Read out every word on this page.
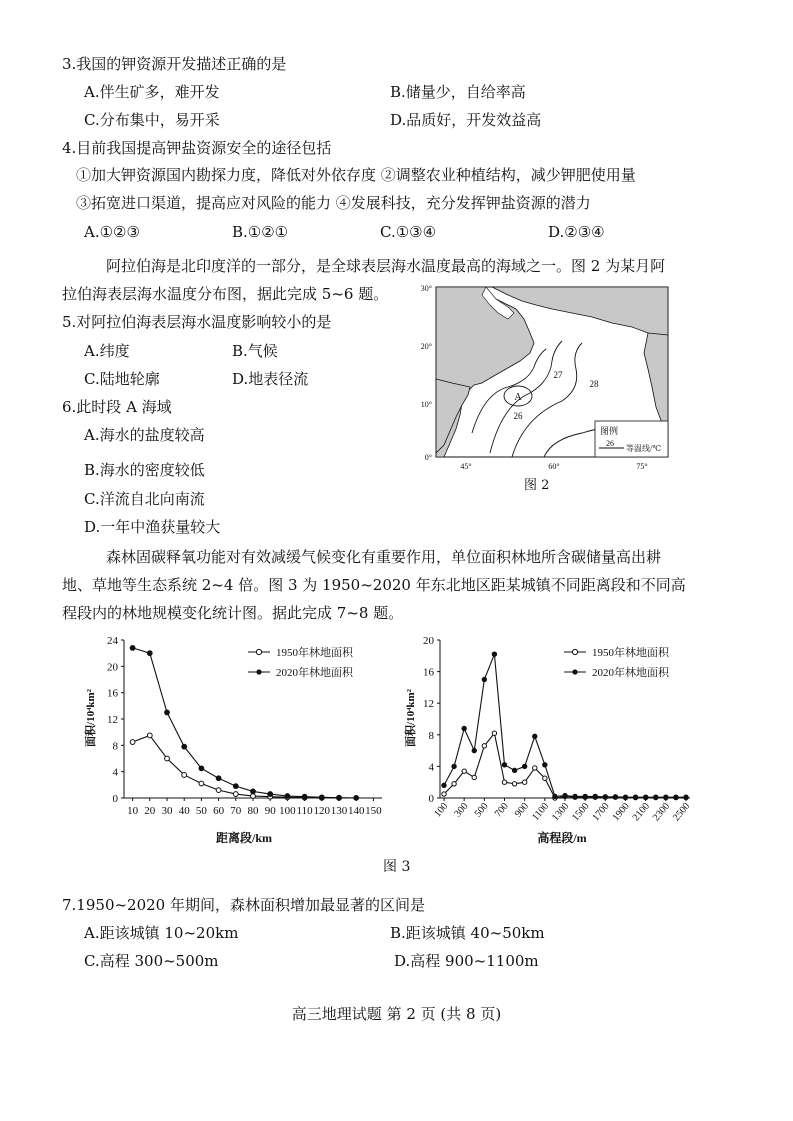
3.我国的钾资源开发描述正确的是
A.伴生矿多，难开发	B.储量少，自给率高
C.分布集中，易开采	D.品质好，开发效益高
4.目前我国提高钾盐资源安全的途径包括
①加大钾资源国内勘探力度，降低对外依存度 ②调整农业种植结构，减少钾肥使用量
③拓宽进口渠道，提高应对风险的能力 ④发展科技，充分发挥钾盐资源的潜力
A.①②③	B.①②①	C.①③④	D.②③④
阿拉伯海是北印度洋的一部分，是全球表层海水温度最高的海域之一。图 2 为某月阿
拉伯海表层海水温度分布图，据此完成 5~6 题。
5.对阿拉伯海表层海水温度影响较小的是
A.纬度	B.气候
C.陆地轮廓	D.地表径流
6.此时段 A 海域
A.海水的盐度较高
B.海水的密度较低
C.洋流自北向南流
D.一年中渔获量较大
26
27
28
A
图例
26
等温线/℃
30°
20°
10°
0°
45°	60°	75°
图 2
森林固碳释氧功能对有效减缓气候变化有重要作用，单位面积林地所含碳储量高出耕
地、草地等生态系统 2~4 倍。图 3 为 1950~2020 年东北地区距某城镇不同距离段和不同高
程段内的林地规模变化统计图。据此完成 7~8 题。
0
4
8
12
16
20
24
10 20 30 40 50 60 70 80 90 100 110 120 130 140 150
1950年林地面积
2020年林地面积
距离段/km
面积/10⁴km²
0
4
8
12
16
20
100 300 500 700 900 1100
1300
1500
1700
1900
2100
2300
2500
1950年林地面积
2020年林地面积
高程段/m
面积/10⁴km²
图 3
7.1950~2020 年期间，森林面积增加最显著的区间是
A.距该城镇 10~20km	B.距该城镇 40~50km
C.高程 300~500m	D.高程 900~1100m
高三地理试题 第 2 页 (共 8 页)
